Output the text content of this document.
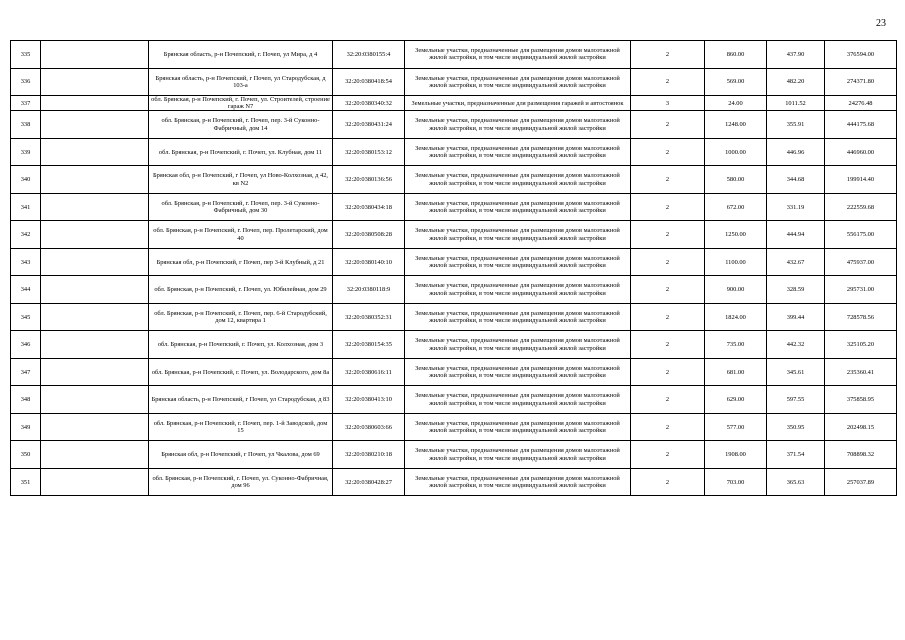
23
335		Брянская область, р-н Почепский, г. Почеп, ул Мира, д 4	32:20:0380155:4	Земельные участки, предназначенные для размещения домов малоэтажной жилой застройки, в том числе индивидуальной жилой застройки	2	860.00	437.90	376594.00
336		Брянская область, р-н Почепский, г Почеп, ул Стародубская, д 103-а	32:20:0380418:54	Земельные участки, предназначенные для размещения домов малоэтажной жилой застройки, в том числе индивидуальной жилой застройки	2	569.00	482.20	274371.80
337		обл. Брянская, р-н Почепский, г. Почеп, ул. Строителей, строение гараж N7	32:20:0380340:32	Земельные участки, предназначенные для размещения гаражей и автостоянок	3	24.00	1011.52	24276.48
338		обл. Брянская, р-н Почепский, г. Почеп, пер. 3-й Суконно-Фабричный, дом 14	32:20:0380431:24	Земельные участки, предназначенные для размещения домов малоэтажной жилой застройки, в том числе индивидуальной жилой застройки	2	1248.00	355.91	444175.68
339		обл. Брянская, р-н Почепский, г. Почеп, ул. Клубная, дом 11	32:20:0380153:12	Земельные участки, предназначенные для размещения домов малоэтажной жилой застройки, в том числе индивидуальной жилой застройки	2	1000.00	446.96	446960.00
340		Брянская обл, р-н Почепский, г Почеп, ул Ново-Колхозная, д 42, кв N2	32:20:0380136:56	Земельные участки, предназначенные для размещения домов малоэтажной жилой застройки, в том числе индивидуальной жилой застройки	2	580.00	344.68	199914.40
341		обл. Брянская, р-н Почепский, г. Почеп, пер. 3-й Суконно-Фабричный, дом 30	32:20:0380434:18	Земельные участки, предназначенные для размещения домов малоэтажной жилой застройки, в том числе индивидуальной жилой застройки	2	672.00	331.19	222559.68
342		обл. Брянская, р-н Почепский, г. Почеп, пер. Пролетарский, дом 40	32:20:0380508:28	Земельные участки, предназначенные для размещения домов малоэтажной жилой застройки, в том числе индивидуальной жилой застройки	2	1250.00	444.94	556175.00
343		Брянская обл, р-н Почепский, г Почеп, пер 3-й Клубный, д 21	32:20:0380140:10	Земельные участки, предназначенные для размещения домов малоэтажной жилой застройки, в том числе индивидуальной жилой застройки	2	1100.00	432.67	475937.00
344		обл. Брянская, р-н Почепский, г. Почеп, ул. Юбилейная, дом 29	32:20:0380118:9	Земельные участки, предназначенные для размещения домов малоэтажной жилой застройки, в том числе индивидуальной жилой застройки	2	900.00	328.59	295731.00
345		обл. Брянская, р-н Почепский, г. Почеп, пер. 6-й Стародубский, дом 12, квартира 1	32:20:0380352:31	Земельные участки, предназначенные для размещения домов малоэтажной жилой застройки, в том числе индивидуальной жилой застройки	2	1824.00	399.44	728578.56
346		обл. Брянская, р-н Почепский, г. Почеп, ул. Колхозная, дом 3	32:20:0380154:35	Земельные участки, предназначенные для размещения домов малоэтажной жилой застройки, в том числе индивидуальной жилой застройки	2	735.00	442.32	325105.20
347		обл. Брянская, р-н Почепский, г. Почеп, ул. Володарского, дом 8а	32:20:0380616:11	Земельные участки, предназначенные для размещения домов малоэтажной жилой застройки, в том числе индивидуальной жилой застройки	2	681.00	345.61	235360.41
348		Брянская область, р-н Почепский, г Почеп, ул Стародубская, д 83	32:20:0380413:10	Земельные участки, предназначенные для размещения домов малоэтажной жилой застройки, в том числе индивидуальной жилой застройки	2	629.00	597.55	375858.95
349		обл. Брянская, р-н Почепский, г. Почеп, пер. 1-й Заводской, дом 15	32:20:0380603:66	Земельные участки, предназначенные для размещения домов малоэтажной жилой застройки, в том числе индивидуальной жилой застройки	2	577.00	350.95	202498.15
350		Брянская обл, р-н Почепский, г Почеп, ул Чкалова, дом 69	32:20:0380210:18	Земельные участки, предназначенные для размещения домов малоэтажной жилой застройки, в том числе индивидуальной жилой застройки	2	1908.00	371.54	708898.32
351		обл. Брянская, р-н Почепский, г. Почеп, ул. Суконно-Фабричная, дом 96	32:20:0380428:27	Земельные участки, предназначенные для размещения домов малоэтажной жилой застройки, в том числе индивидуальной жилой застройки	2	703.00	365.63	257037.89
